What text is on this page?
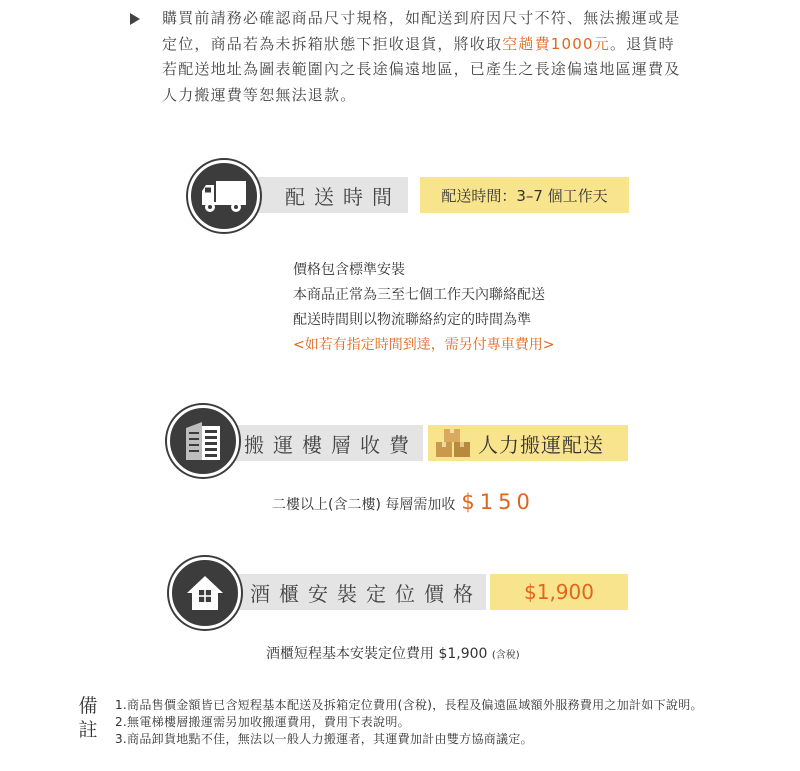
購買前請務必確認商品尺寸規格，如配送到府因尺寸不符、無法搬運或是定位，商品若為未拆箱狀態下拒收退貨，將收取空趟費1000元。退貨時若配送地址為圖表範圍內之長途偏遠地區，已產生之長途偏遠地區運費及人力搬運費等恕無法退款。

配送時間	配送時間：3–7 個工作天
價格包含標準安裝
本商品正常為三至七個工作天內聯絡配送
配送時間則以物流聯絡約定的時間為準
<如若有指定時間到達，需另付專車費用>
搬運樓層收費	人力搬運配送
二樓以上(含二樓) 每層需加收 $150
酒櫃安裝定位價格	$1,900
酒櫃短程基本安裝定位費用 $1,900 (含稅)
備
註
1.商品售價金額皆已含短程基本配送及拆箱定位費用(含稅)，長程及偏遠區域額外服務費用之加計如下說明。
2.無電梯樓層搬運需另加收搬運費用，費用下表說明。
3.商品卸貨地點不佳，無法以一般人力搬運者，其運費加計由雙方協商議定。
